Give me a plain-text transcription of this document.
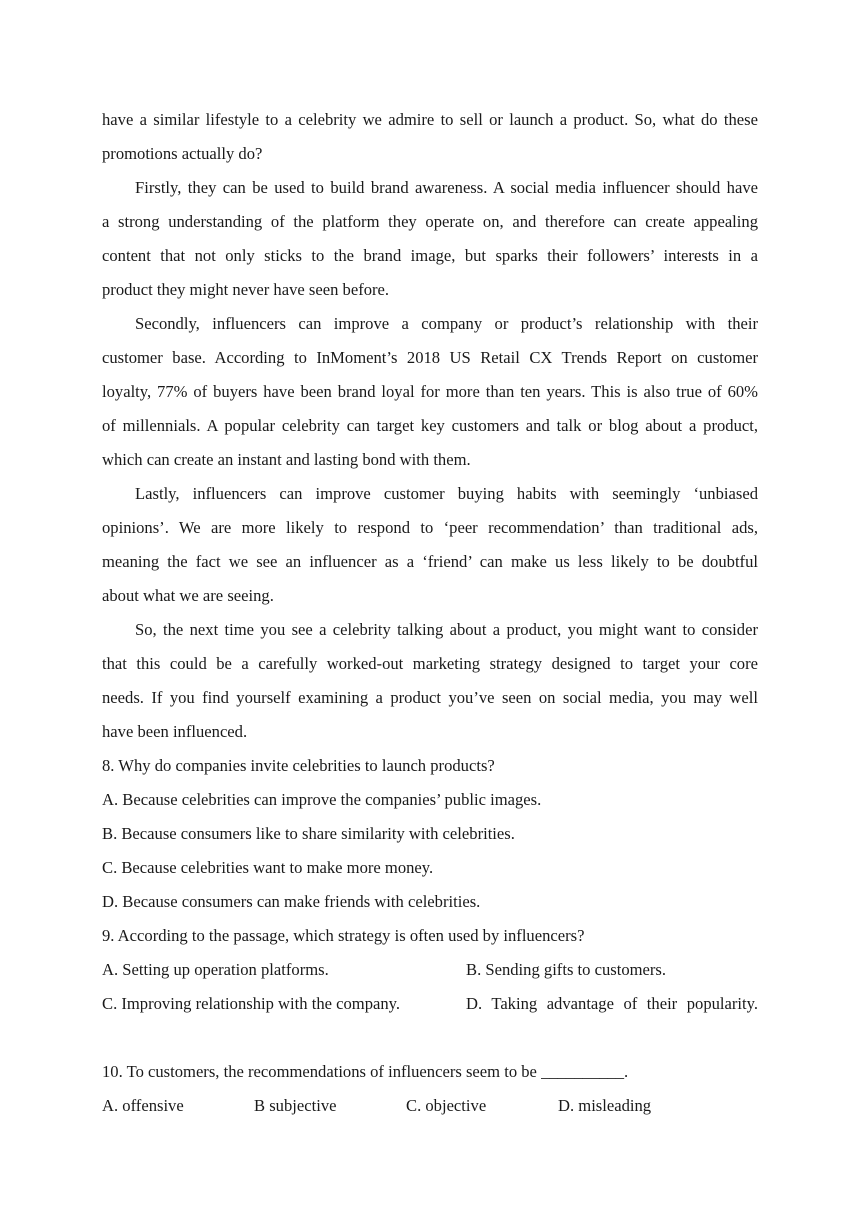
have a similar lifestyle to a celebrity we admire to sell or launch a product. So, what do these

promotions actually do?

Firstly, they can be used to build brand awareness. A social media influencer should have

a strong understanding of the platform they operate on, and therefore can create appealing

content that not only sticks to the brand image, but sparks their followers’ interests in a

product they might never have seen before.

Secondly, influencers can improve a company or product’s relationship with their

customer base. According to InMoment’s 2018 US Retail CX Trends Report on customer

loyalty, 77% of buyers have been brand loyal for more than ten years. This is also true of 60%

of millennials. A popular celebrity can target key customers and talk or blog about a product,

which can create an instant and lasting bond with them.

Lastly, influencers can improve customer buying habits with seemingly ‘unbiased

opinions’. We are more likely to respond to ‘peer recommendation’ than traditional ads,

meaning the fact we see an influencer as a ‘friend’ can make us less likely to be doubtful

about what we are seeing.

So, the next time you see a celebrity talking about a product, you might want to consider

that this could be a carefully worked-out marketing strategy designed to target your core

needs. If you find yourself examining a product you’ve seen on social media, you may well

have been influenced.

8. Why do companies invite celebrities to launch products?

A. Because celebrities can improve the companies’ public images.

B. Because consumers like to share similarity with celebrities.

C. Because celebrities want to make more money.

D. Because consumers can make friends with celebrities.

9. According to the passage, which strategy is often used by influencers?

A. Setting up operation platforms.	B. Sending gifts to customers.
C. Improving relationship with the company.	D. Taking advantage of their popularity.

10. To customers, the recommendations of influencers seem to be __________.

A. offensive	B subjective	C. objective	D. misleading
